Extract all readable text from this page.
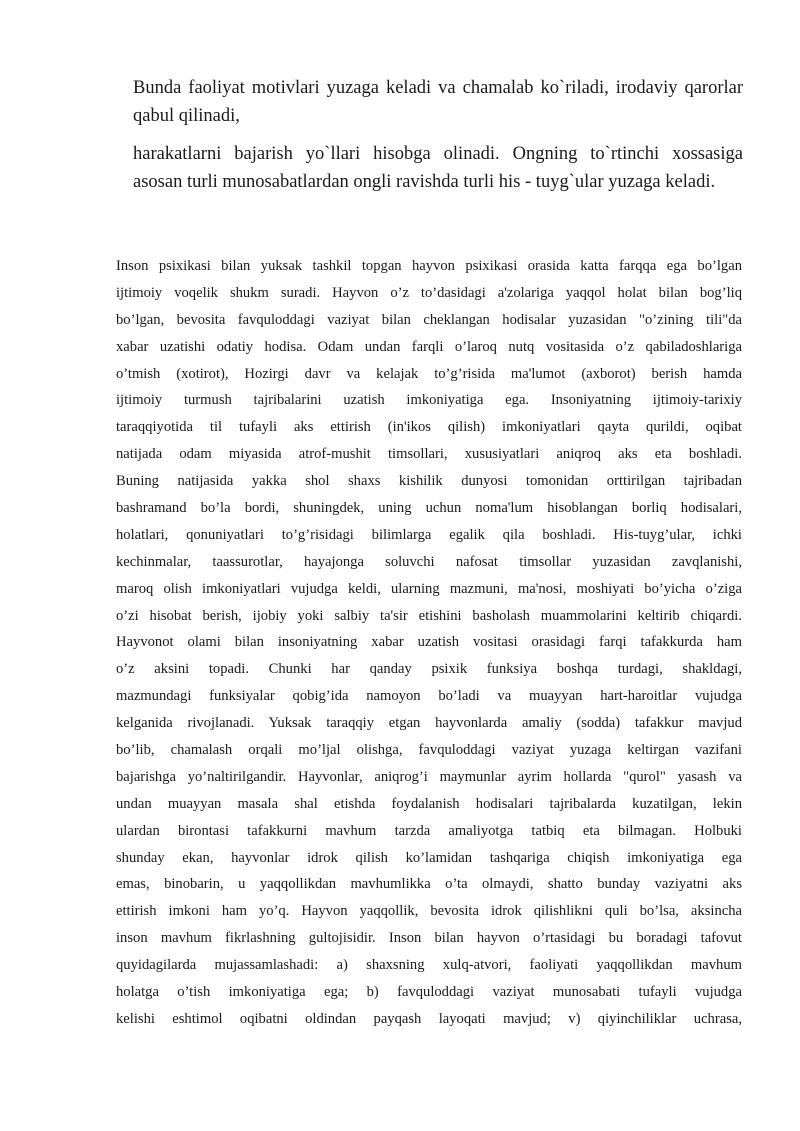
Bunda faoliyat motivlari yuzaga keladi va chamalab ko`riladi, irodaviy qarorlar
qabul qilinadi,

harakatlarni bajarish yo`llari hisobga olinadi. Ongning to`rtinchi xossasiga
asosan turli munosabatlardan ongli ravishda turli his - tuyg`ular yuzaga keladi.

Inson psixikasi bilan yuksak tashkil topgan hayvon psixikasi orasida katta farqqa ega bo’lgan
ijtimoiy voqelik shukm suradi. Hayvon o’z to’dasidagi a'zolariga yaqqol holat bilan bog’liq
bo’lgan, bevosita favquloddagi vaziyat bilan cheklangan hodisalar yuzasidan "o’zining tili"da
xabar uzatishi odatiy hodisa. Odam undan farqli o’laroq nutq vositasida o’z qabiladoshlariga
o’tmish (xotirot), Hozirgi davr va kelajak to’g’risida ma'lumot (axborot) berish hamda
ijtimoiy turmush tajribalarini uzatish imkoniyatiga ega. Insoniyatning ijtimoiy-tarixiy
taraqqiyotida til tufayli aks ettirish (in'ikos qilish) imkoniyatlari qayta qurildi, oqibat
natijada odam miyasida atrof-mushit timsollari, xususiyatlari aniqroq aks eta boshladi.
Buning natijasida yakka shol shaxs kishilik dunyosi tomonidan orttirilgan tajribadan
bashramand bo’la bordi, shuningdek, uning uchun noma'lum hisoblangan borliq hodisalari,
holatlari, qonuniyatlari to’g’risidagi bilimlarga egalik qila boshladi. His-tuyg’ular, ichki
kechinmalar, taassurotlar, hayajonga soluvchi nafosat timsollar yuzasidan zavqlanishi,
maroq olish imkoniyatlari vujudga keldi, ularning mazmuni, ma'nosi, moshiyati bo’yicha o’ziga
o’zi hisobat berish, ijobiy yoki salbiy ta'sir etishini basholash muammolarini keltirib chiqardi.
Hayvonot olami bilan insoniyatning xabar uzatish vositasi orasidagi farqi tafakkurda ham
o’z aksini topadi. Chunki har qanday psixik funksiya boshqa turdagi, shakldagi,
mazmundagi funksiyalar qobig’ida namoyon bo’ladi va muayyan hart-haroitlar vujudga
kelganida rivojlanadi. Yuksak taraqqiy etgan hayvonlarda amaliy (sodda) tafakkur mavjud
bo’lib, chamalash orqali mo’ljal olishga, favquloddagi vaziyat yuzaga keltirgan vazifani
bajarishga yo’naltirilgandir. Hayvonlar, aniqrog’i maymunlar ayrim hollarda "qurol" yasash va
undan muayyan masala shal etishda foydalanish hodisalari tajribalarda kuzatilgan, lekin
ulardan birontasi tafakkurni mavhum tarzda amaliyotga tatbiq eta bilmagan. Holbuki
shunday ekan, hayvonlar idrok qilish ko’lamidan tashqariga chiqish imkoniyatiga ega
emas, binobarin, u yaqqollikdan mavhumlikka o’ta olmaydi, shatto bunday vaziyatni aks
ettirish imkoni ham yo’q. Hayvon yaqqollik, bevosita idrok qilishlikni quli bo’lsa, aksincha
inson mavhum fikrlashning gultojisidir. Inson bilan hayvon o’rtasidagi bu boradagi tafovut
quyidagilarda mujassamlashadi: a) shaxsning xulq-atvori, faoliyati yaqqollikdan mavhum
holatga o’tish imkoniyatiga ega; b) favquloddagi vaziyat munosabati tufayli vujudga
kelishi eshtimol oqibatni oldindan payqash layoqati mavjud; v) qiyinchiliklar uchrasa,
